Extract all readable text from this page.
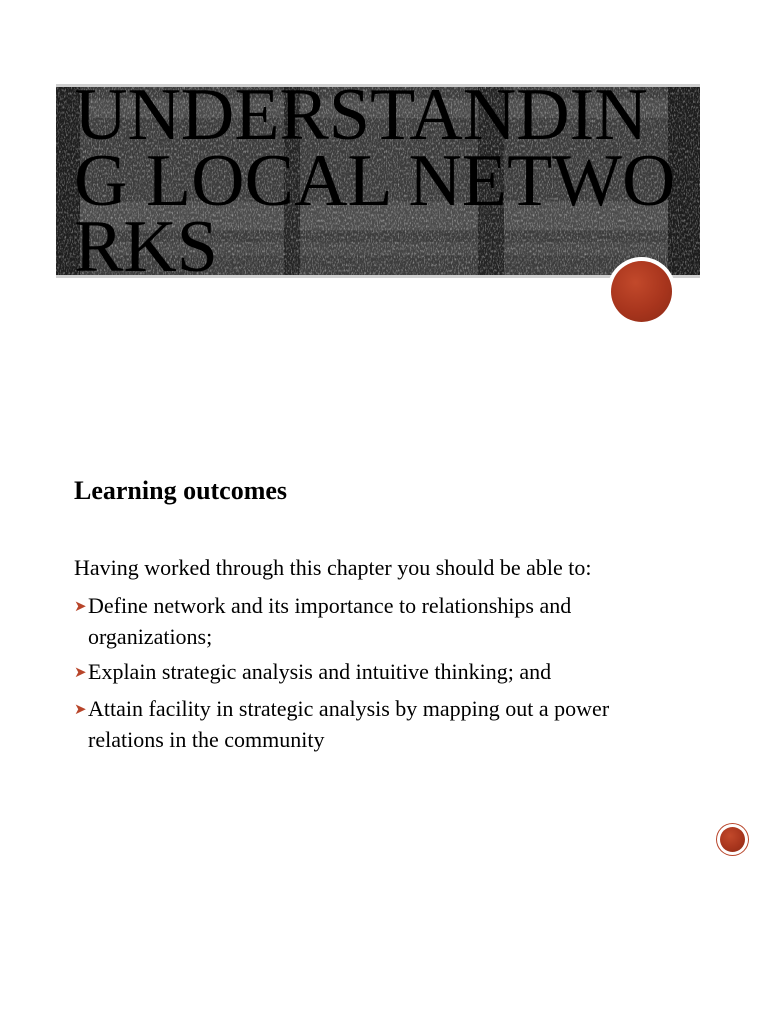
UNDERSTANDING LOCAL NETWORKS
Learning outcomes

Having worked through this chapter you should be able to:

➤Define network and its importance to relationships and organizations;
➤Explain strategic analysis and intuitive thinking; and
➤Attain facility in strategic analysis by mapping out a power relations in the community
